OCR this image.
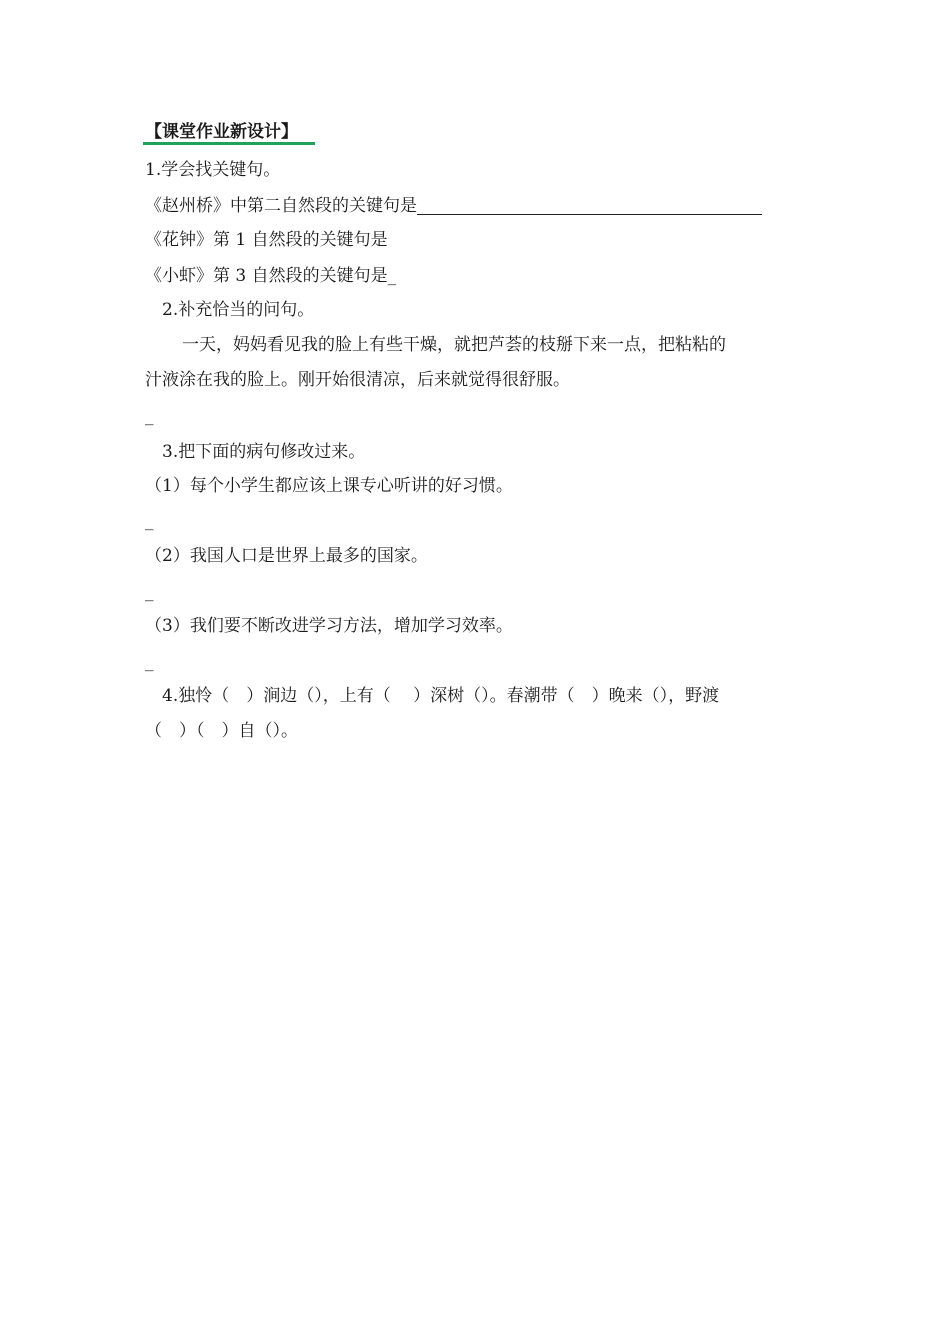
【课堂作业新设计】
1.学会找关键句。
《赵州桥》中第二自然段的关键句是
《花钟》第 1 自然段的关键句是
《小虾》第 3 自然段的关键句是_
2.补充恰当的问句。
一天，妈妈看见我的脸上有些干燥，就把芦荟的枝掰下来一点，把粘粘的
汁液涂在我的脸上。刚开始很清凉，后来就觉得很舒服。
_
3.把下面的病句修改过来。
（1）每个小学生都应该上课专心听讲的好习惯。
_
（2）我国人口是世界上最多的国家。
_
（3）我们要不断改进学习方法，增加学习效率。
_
4.独怜（　）涧边（），上有（　 ）深树（）。春潮带（　）晚来（），野渡
（　）（　）自（）。
